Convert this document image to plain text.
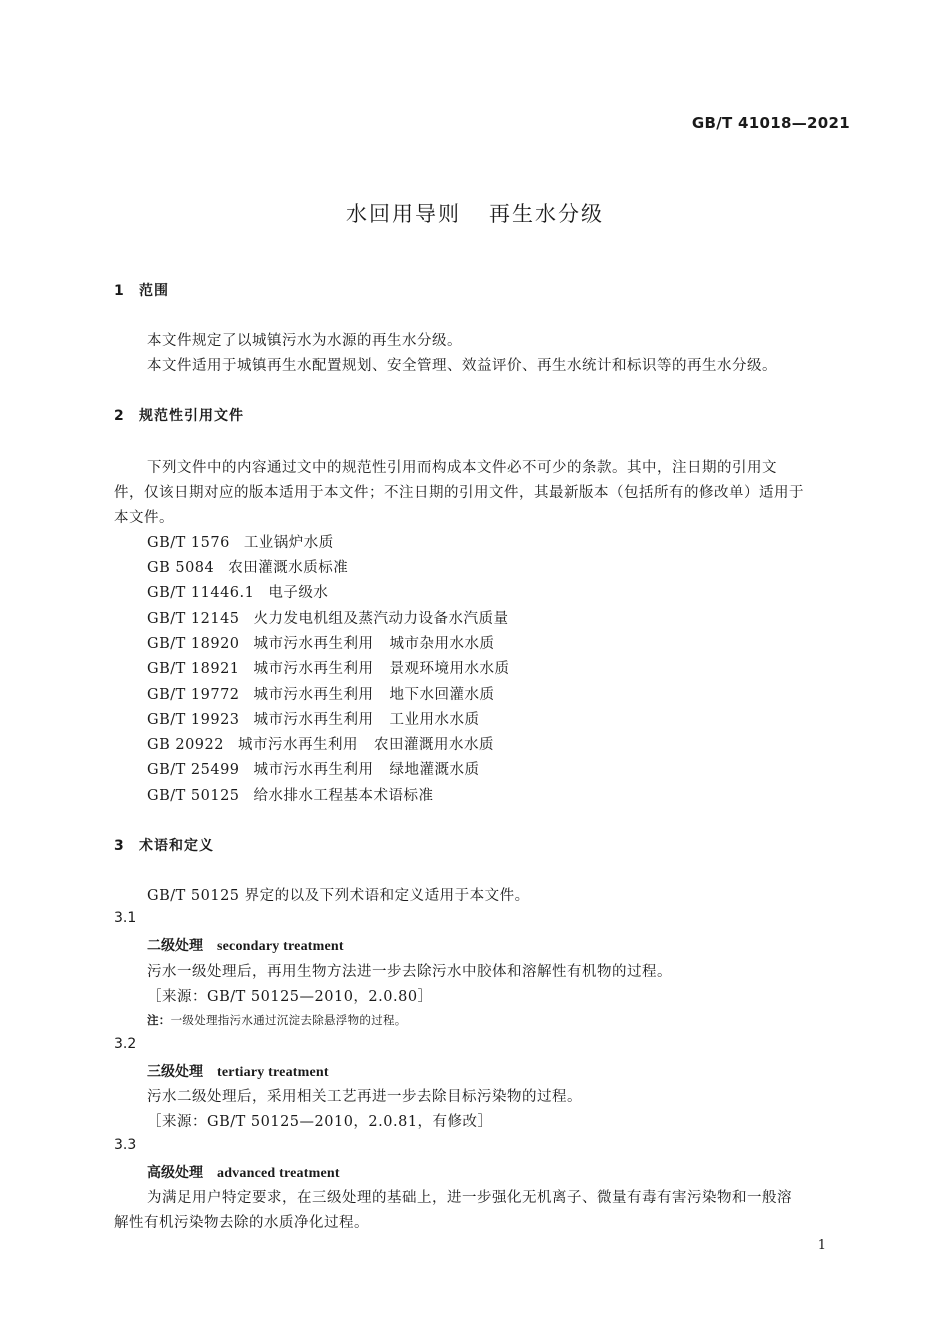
GB/T 41018—2021
水回用导则 再生水分级
1 范围
本文件规定了以城镇污水为水源的再生水分级。
本文件适用于城镇再生水配置规划、安全管理、效益评价、再生水统计和标识等的再生水分级。
2 规范性引用文件
下列文件中的内容通过文中的规范性引用而构成本文件必不可少的条款。其中，注日期的引用文
件，仅该日期对应的版本适用于本文件；不注日期的引用文件，其最新版本（包括所有的修改单）适用于
本文件。
GB/T 1576 工业锅炉水质
GB 5084 农田灌溉水质标准
GB/T 11446.1 电子级水
GB/T 12145 火力发电机组及蒸汽动力设备水汽质量
GB/T 18920 城市污水再生利用 城市杂用水水质
GB/T 18921 城市污水再生利用 景观环境用水水质
GB/T 19772 城市污水再生利用 地下水回灌水质
GB/T 19923 城市污水再生利用 工业用水水质
GB 20922 城市污水再生利用 农田灌溉用水水质
GB/T 25499 城市污水再生利用 绿地灌溉水质
GB/T 50125 给水排水工程基本术语标准
3 术语和定义
GB/T 50125 界定的以及下列术语和定义适用于本文件。
3.1
二级处理 secondary treatment
污水一级处理后，再用生物方法进一步去除污水中胶体和溶解性有机物的过程。
［来源：GB/T 50125—2010，2.0.80］
注：一级处理指污水通过沉淀去除悬浮物的过程。
3.2
三级处理 tertiary treatment
污水二级处理后，采用相关工艺再进一步去除目标污染物的过程。
［来源：GB/T 50125—2010，2.0.81，有修改］
3.3
高级处理 advanced treatment
为满足用户特定要求，在三级处理的基础上，进一步强化无机离子、微量有毒有害污染物和一般溶
解性有机污染物去除的水质净化过程。
1
